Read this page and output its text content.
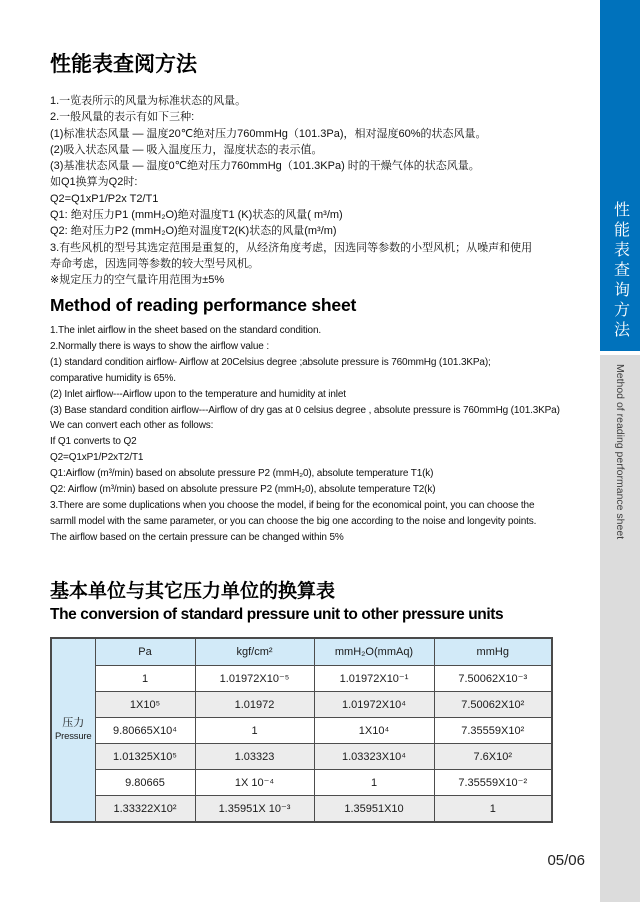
性能表查询方法
Method of reading performance sheet
性能表查阅方法
1.一览表所示的风量为标准状态的风量。
2.一般风量的表示有如下三种:
(1)标准状态风量 — 温度20℃绝对压力760mmHg（101.3Pa)，相对湿度60%的状态风量。
(2)吸入状态风量 — 吸入温度压力，湿度状态的表示值。
(3)基准状态风量 — 温度0℃绝对压力760mmHg（101.3KPa) 时的干燥气体的状态风量。
如Q1换算为Q2时:
Q2=Q1xP1/P2x T2/T1
Q1: 绝对压力P1 (mmH₂O)绝对温度T1 (K)状态的风量( m³/m)
Q2: 绝对压力P2 (mmH₂O)绝对温度T2(K)状态的风量(m³/m)
3.有些风机的型号其选定范围是重复的，从经济角度考虑，因选同等参数的小型风机；从噪声和使用
寿命考虑，因选同等参数的较大型号风机。
※规定压力的空气量许用范围为±5%
Method of reading performance sheet
1.The inlet airflow in the sheet based on the standard condition.
2.Normally there is ways to show the airflow value :
(1) standard condition airflow- Airflow at 20Celsius degree ;absolute pressure is 760mmHg (101.3KPa);
comparative humidity is 65%.
(2) Inlet airflow---Airflow upon to the temperature and humidity at inlet
(3) Base standard condition airflow---Airflow of dry gas at 0 celsius degree , absolute pressure is 760mmHg (101.3KPa)
We can convert each other as follows:
If Q1 converts to Q2
Q2=Q1xP1/P2xT2/T1
Q1:Airflow (m³/min) based on absolute pressure P2 (mmH₂0), absolute temperature T1(k)
Q2: Airflow (m³/min) based on absolute pressure P2 (mmH₂0), absolute temperature T2(k)
3.There are some duplications when you choose the model, if being for the economical point, you can choose the
sarmll model with the same parameter, or you can choose the big one according to the noise and longevity points.
The airflow based on the certain pressure can be changed within 5%
基本单位与其它压力单位的换算表
The conversion of standard pressure unit to other pressure units
压力
Pressure	Pa	kgf/cm²	mmH₂O(mmAq)	mmHg
	1	1.01972X10⁻⁵	1.01972X10⁻¹	7.50062X10⁻³
	1X10⁵	1.01972	1.01972X10⁴	7.50062X10²
	9.80665X10⁴	1	1X10⁴	7.35559X10²
	1.01325X10⁵	1.03323	1.03323X10⁴	7.6X10²
	9.80665	1X 10⁻⁴	1	7.35559X10⁻²
	1.33322X10²	1.35951X 10⁻³	1.35951X10	1
05/06
